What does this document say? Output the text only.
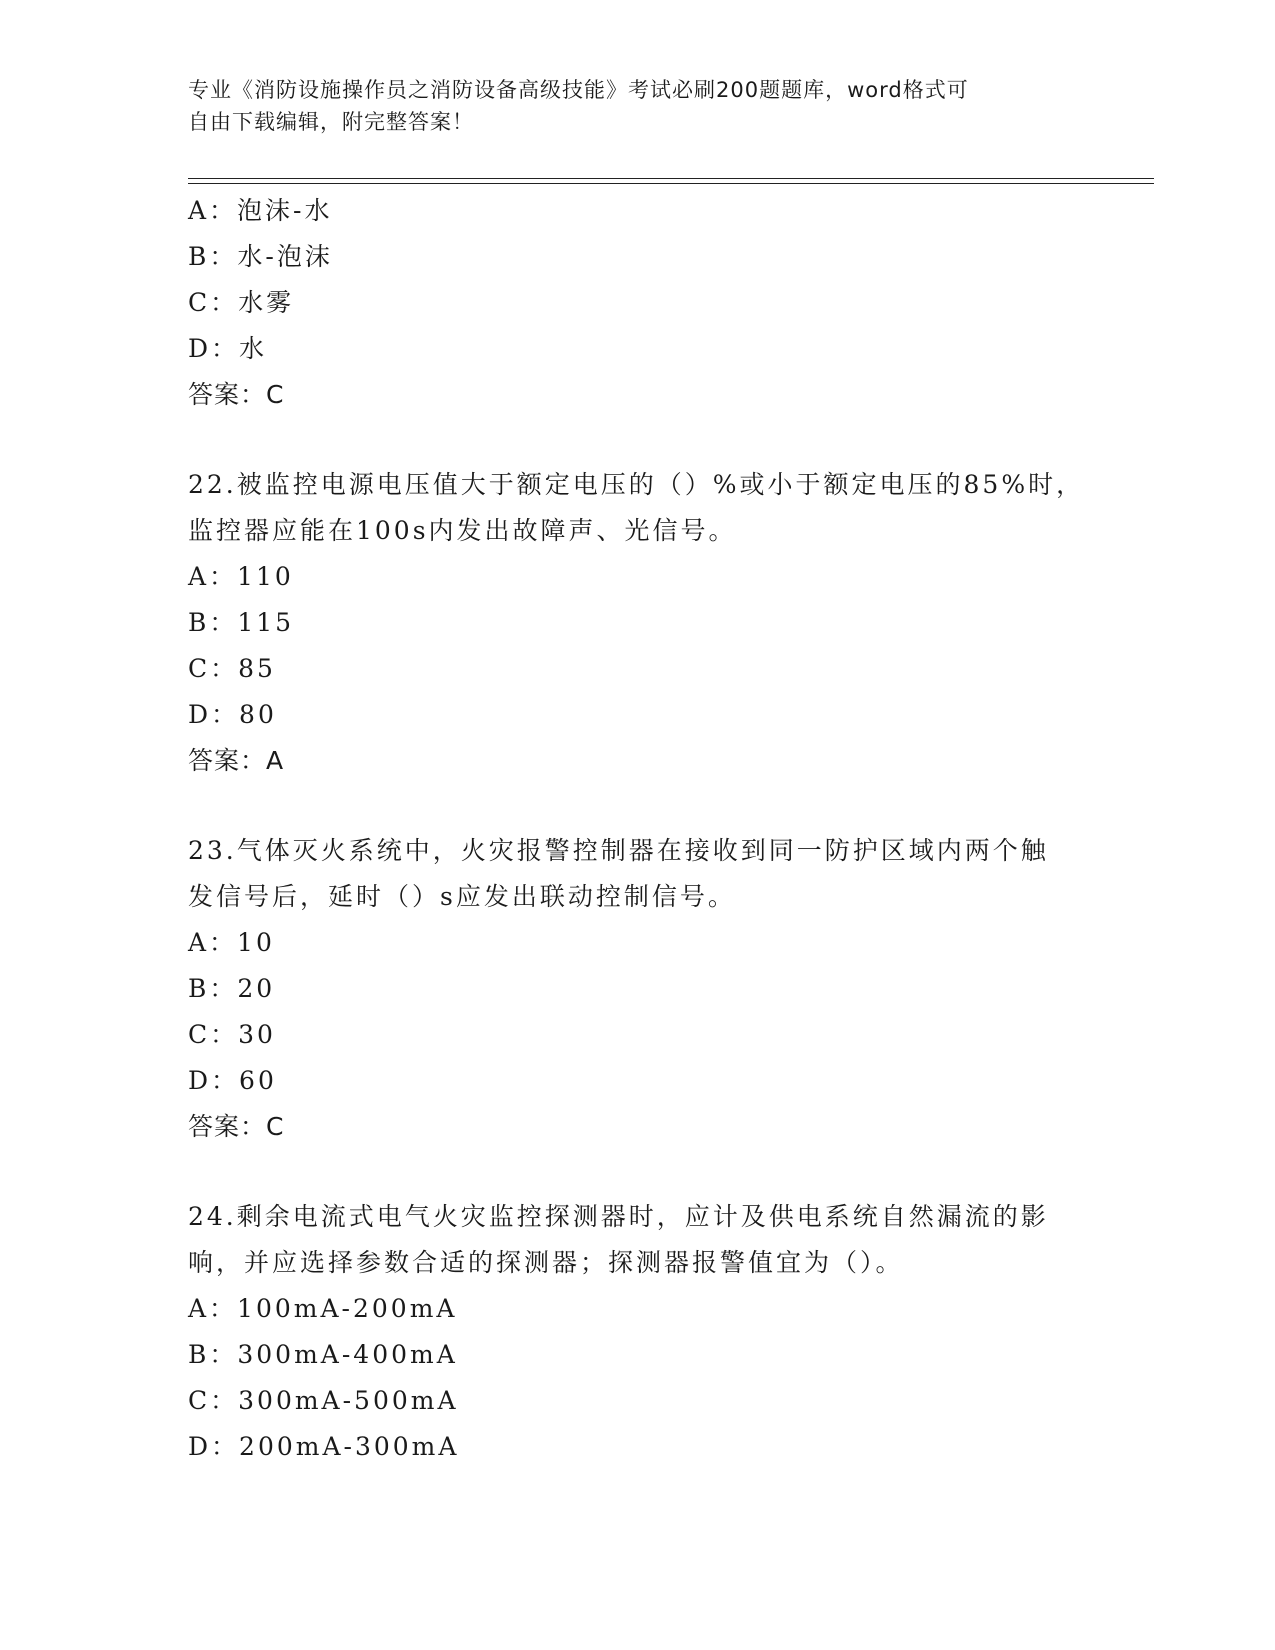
专业《消防设施操作员之消防设备高级技能》考试必刷200题题库，word格式可
自由下载编辑，附完整答案！
A：泡沫-水
B：水-泡沫
C：水雾
D：水
答案：C
22.被监控电源电压值大于额定电压的（）%或小于额定电压的85%时，
监控器应能在100s内发出故障声、光信号。
A：110
B：115
C：85
D：80
答案：A
23.气体灭火系统中，火灾报警控制器在接收到同一防护区域内两个触
发信号后，延时（）s应发出联动控制信号。
A：10
B：20
C：30
D：60
答案：C
24.剩余电流式电气火灾监控探测器时，应计及供电系统自然漏流的影
响，并应选择参数合适的探测器；探测器报警值宜为（）。
A：100mA-200mA
B：300mA-400mA
C：300mA-500mA
D：200mA-300mA
